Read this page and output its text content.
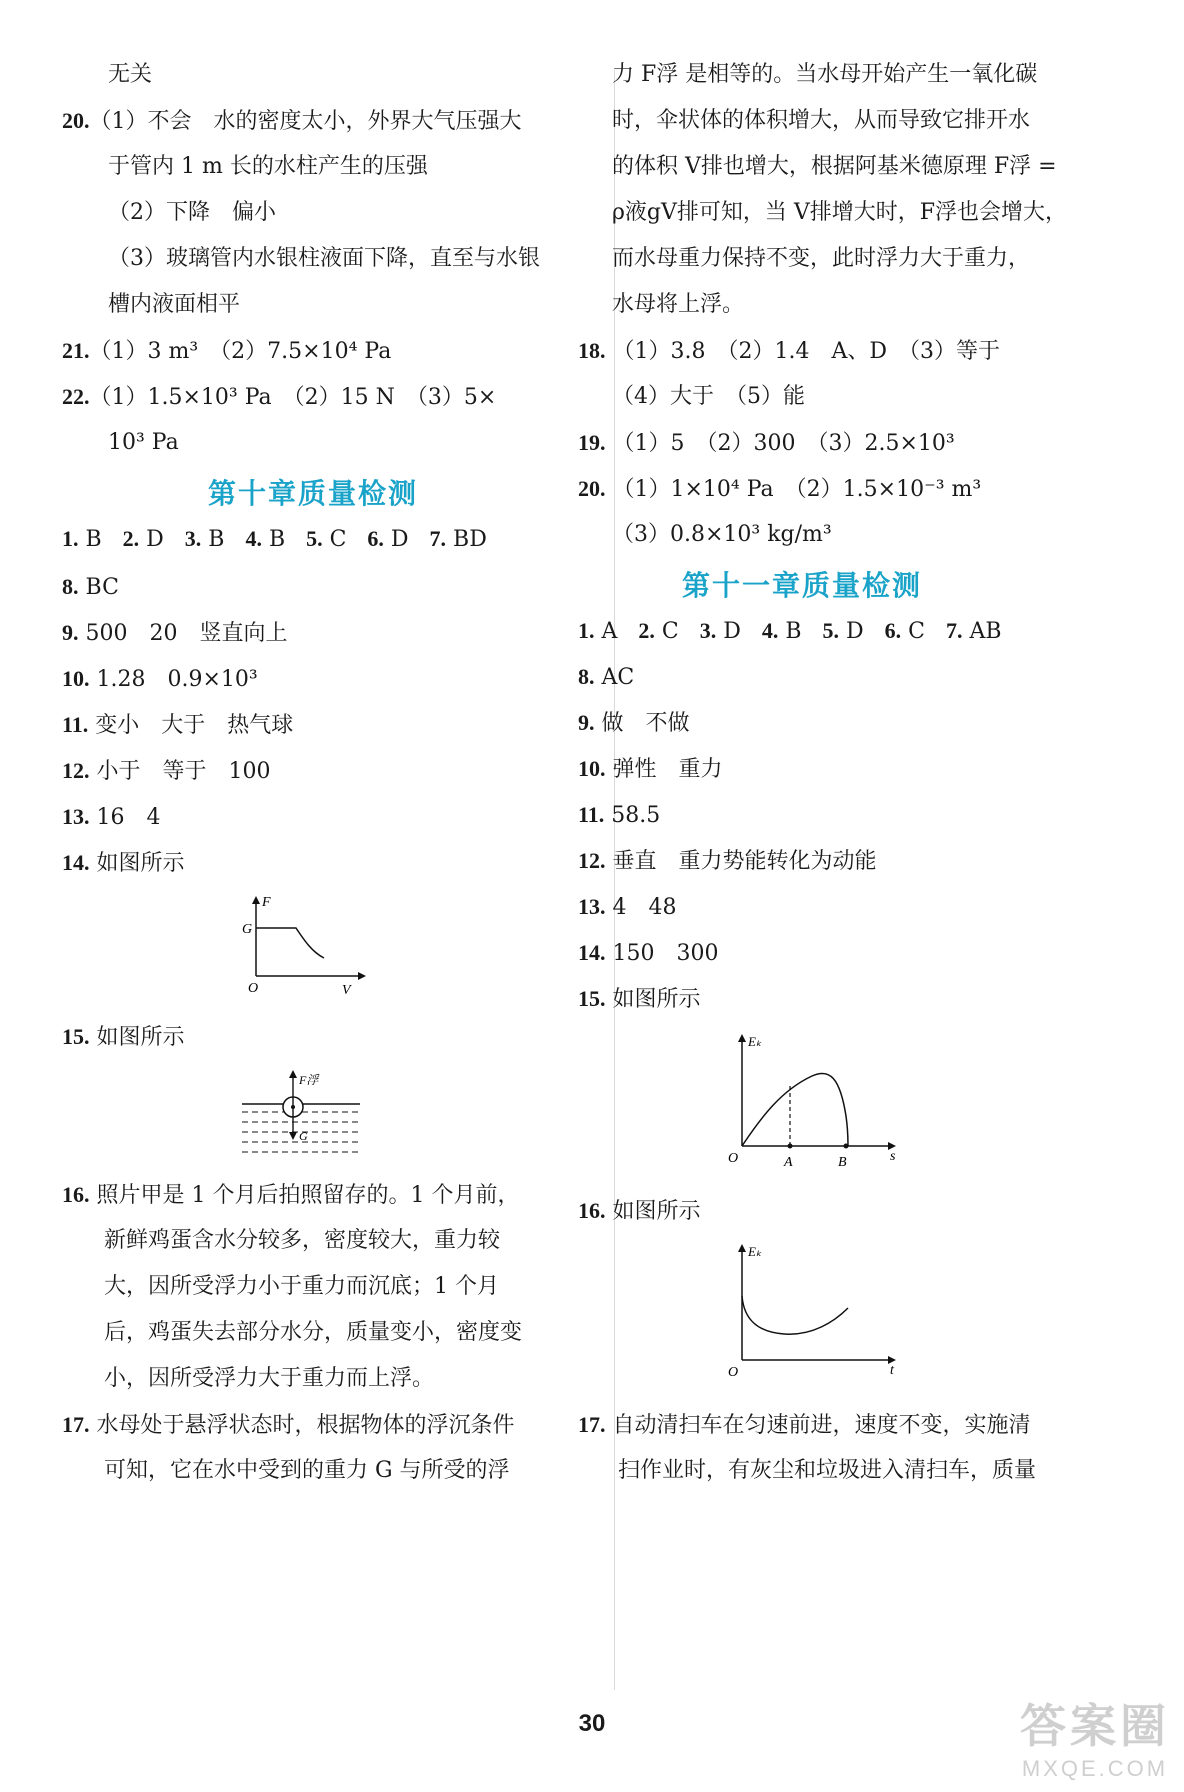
无关
20.（1）不会　水的密度太小，外界大气压强大
于管内 1 m 长的水柱产生的压强
（2）下降　偏小
（3）玻璃管内水银柱液面下降，直至与水银
槽内液面相平
21.（1）3 m³　（2）7.5×10⁴ Pa
22.（1）1.5×10³ Pa　（2）15 N　（3）5×
10³ Pa
第十章质量检测
1. B 2. D 3. B 4. B 5. C 6. D 7. BD
8. BC
9. 500　20　竖直向上
10. 1.28　0.9×10³
11. 变小　大于　热气球
12. 小于　等于　100
13. 16　4
14. 如图所示
F
G
O	V
15. 如图所示
F浮
G
16. 照片甲是 1 个月后拍照留存的。1 个月前，
新鲜鸡蛋含水分较多，密度较大，重力较
大，因所受浮力小于重力而沉底；1 个月
后，鸡蛋失去部分水分，质量变小，密度变
小，因所受浮力大于重力而上浮。
17. 水母处于悬浮状态时，根据物体的浮沉条件
可知，它在水中受到的重力 G 与所受的浮
力 F浮 是相等的。当水母开始产生一氧化碳
时，伞状体的体积增大，从而导致它排开水
的体积 V排也增大，根据阿基米德原理 F浮 =
ρ液gV排可知，当 V排增大时，F浮也会增大，
而水母重力保持不变，此时浮力大于重力，
水母将上浮。
18. （1）3.8　（2）1.4　A、D　（3）等于
（4）大于　（5）能
19. （1）5　（2）300　（3）2.5×10³
20. （1）1×10⁴ Pa　（2）1.5×10⁻³ m³
（3）0.8×10³ kg/m³
第十一章质量检测
1. A 2. C 3. D 4. B 5. D 6. C 7. AB
8. AC
9. 做　不做
10. 弹性　重力
11. 58.5
12. 垂直　重力势能转化为动能
13. 4　48
14. 150　300
15. 如图所示
Eₖ
O	A	B	s
16. 如图所示
Eₖ
O	t
17. 自动清扫车在匀速前进，速度不变，实施清
扫作业时，有灰尘和垃圾进入清扫车，质量
30	答案圈
MXQE.COM
